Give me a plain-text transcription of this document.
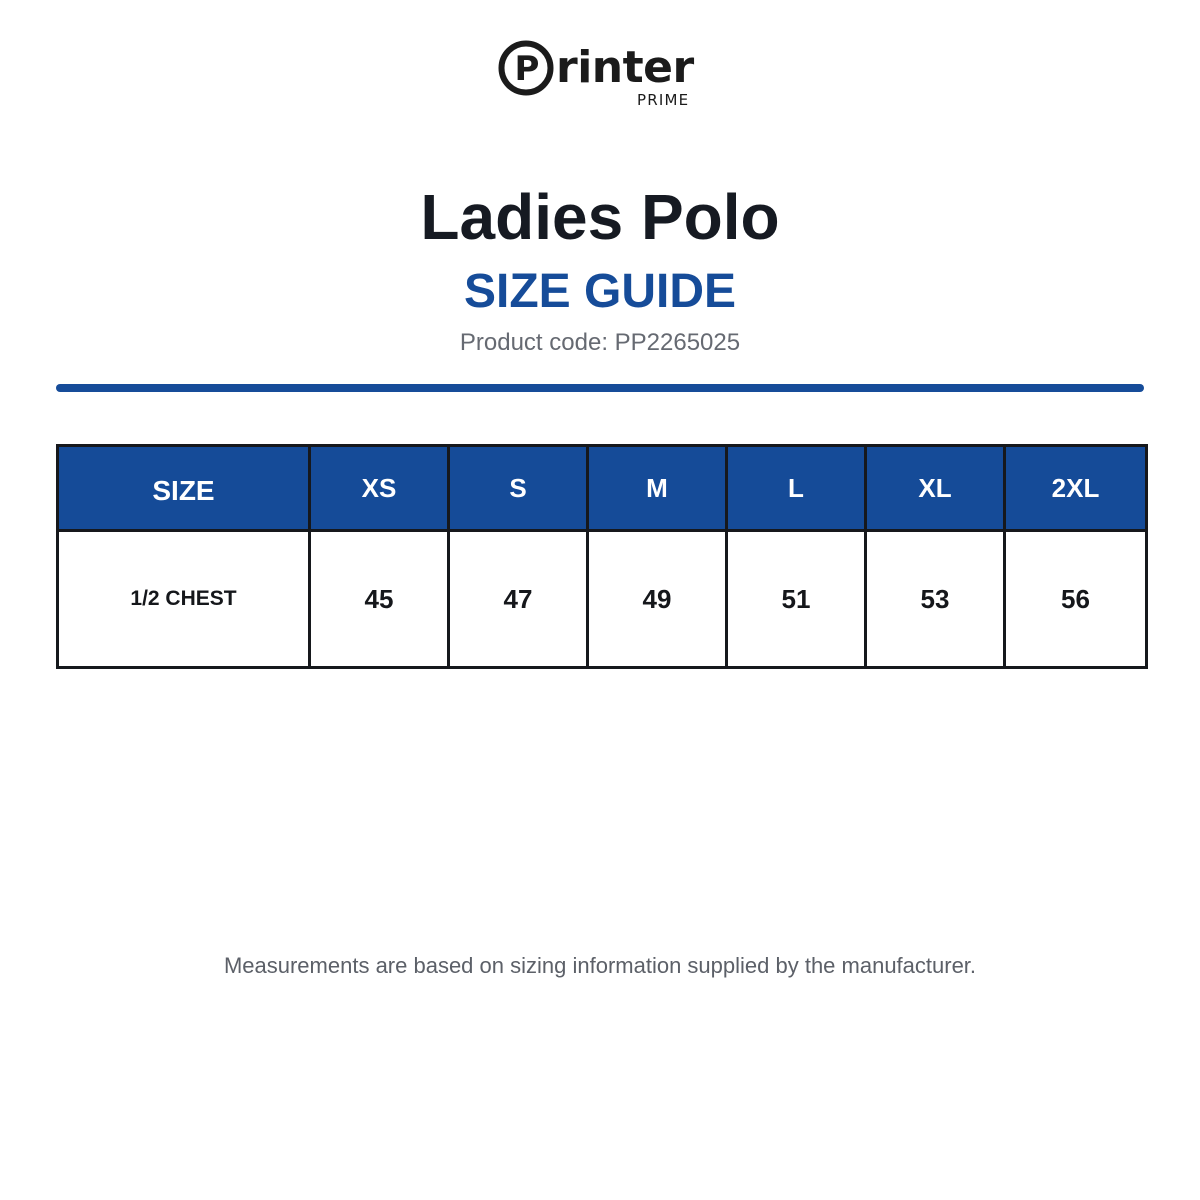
P rinter
PRIME
Ladies Polo
SIZE GUIDE
Product code: PP2265025
SIZE	XS	S	M	L	XL	2XL
1/2 CHEST	45	47	49	51	53	56
Measurements are based on sizing information supplied by the manufacturer.
